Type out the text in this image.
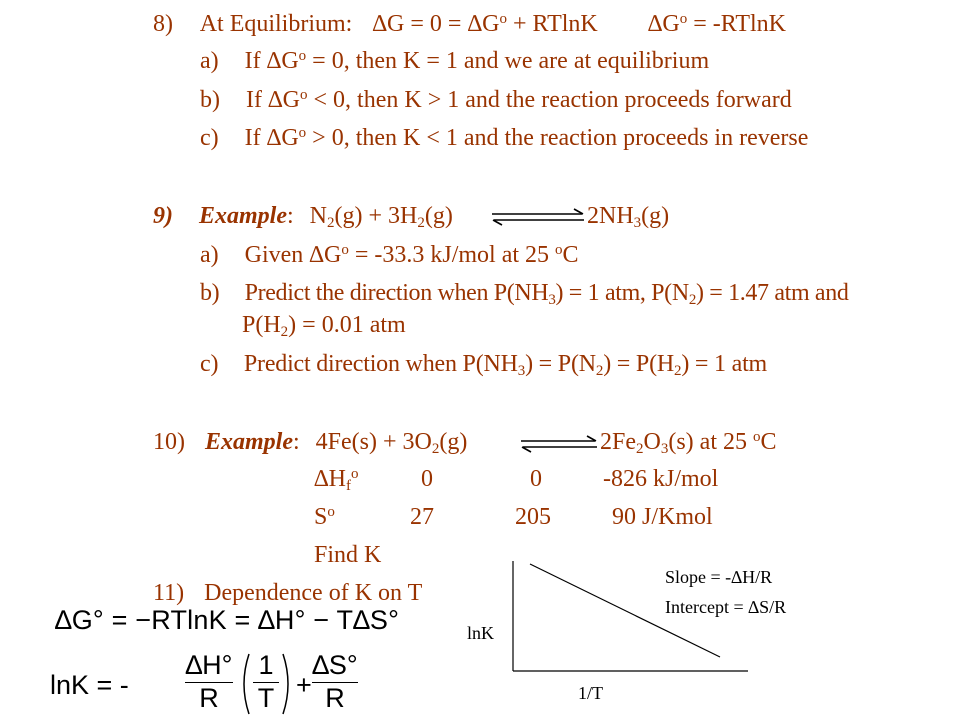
8) At Equilibrium: $\Delta G = 0 = \Delta G^o + RTlnK$ $\Delta G^o = -RTlnK$
a) If $\Delta G^o = 0$, then K = 1 and we are at equilibrium
b) If $\Delta G^o < 0$, then K > 1 and the reaction proceeds forward
c) If $\Delta G^o > 0$, then K < 1 and the reaction proceeds in reverse
9) Example: $N_2(g) + 3H_2(g)$	$2NH_3(g)$
a) Given $\Delta G^o = -33.3$ kJ/mol at 25 $^o$C
b) Predict the direction when $P(NH_3) = 1$ atm, $P(N_2) = 1.47$ atm and
$P(H_2) = 0.01$ atm
c) Predict direction when $P(NH_3) = P(N_2) = P(H_2) = 1$ atm
10) Example: $4Fe(s) + 3O_2(g)$	$2Fe_2O_3(s)$ at 25 $^o$C
$\Delta H_f^o$	0	0	-826 kJ/mol
$S^o$	27	205	90 J/Kmol
Find K
11) Dependence of K on T
∆G° = −RTlnK = ∆H° − T∆S°
lnK = -
∆H°
R
1
T +
∆S°
R
lnK
1/T
Slope = -∆H/R
Intercept = ∆S/R
